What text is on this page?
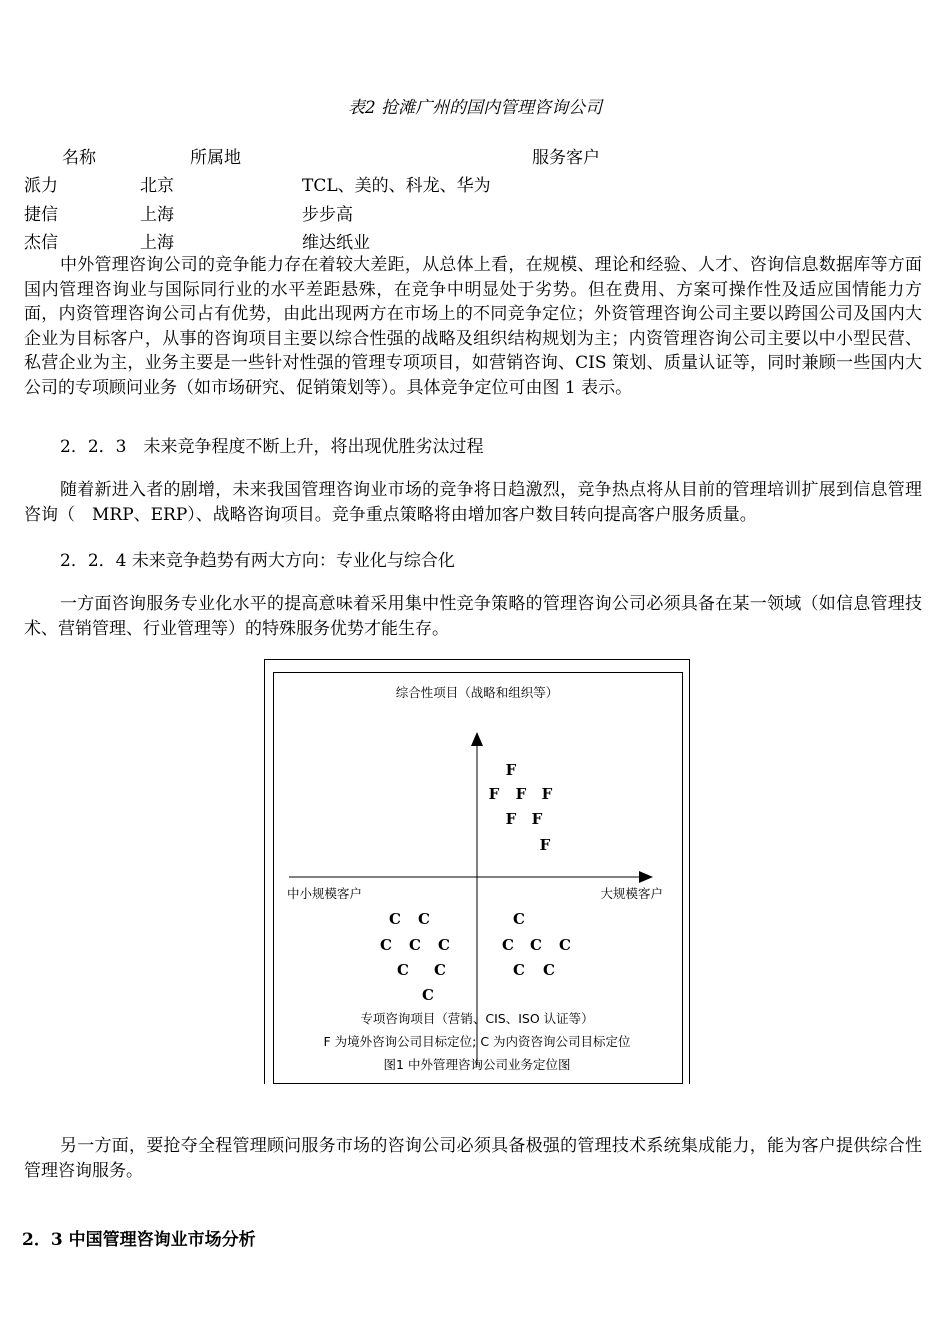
表2 抢滩广州的国内管理咨询公司
名称	所属地	服务客户
派力	北京	TCL、美的、科龙、华为
捷信	上海	步步高
杰信	上海	维达纸业
中外管理咨询公司的竞争能力存在着较大差距，从总体上看，在规模、理论和经验、人才、咨询信息数据库等方面国内管理咨询业与国际同行业的水平差距悬殊，在竞争中明显处于劣势。但在费用、方案可操作性及适应国情能力方面，内资管理咨询公司占有优势，由此出现两方在市场上的不同竞争定位；外资管理咨询公司主要以跨国公司及国内大企业为目标客户，从事的咨询项目主要以综合性强的战略及组织结构规划为主；内资管理咨询公司主要以中小型民营、私营企业为主，业务主要是一些针对性强的管理专项项目，如营销咨询、CIS 策划、质量认证等，同时兼顾一些国内大公司的专项顾问业务（如市场研究、促销策划等）。具体竞争定位可由图 1 表示。
2．2．3　未来竞争程度不断上升，将出现优胜劣汰过程
随着新进入者的剧增，未来我国管理咨询业市场的竞争将日趋激烈，竞争热点将从目前的管理培训扩展到信息管理咨询（　MRP、ERP）、战略咨询项目。竞争重点策略将由增加客户数目转向提高客户服务质量。
2．2．4 未来竞争趋势有两大方向：专业化与综合化
一方面咨询服务专业化水平的提高意味着采用集中性竞争策略的管理咨询公司必须具备在某一领域（如信息管理技术、营销管理、行业管理等）的特殊服务优势才能生存。
综合性项目（战略和组织等）
中小规模客户	大规模客户
F
F F F
F F
F
C C
C C C
C C
C
C
C C C
C C
专项咨询项目（营销、CIS、ISO 认证等）
F 为境外咨询公司目标定位; C 为内资咨询公司目标定位
图1 中外管理咨询公司业务定位图
另一方面，要抢夺全程管理顾问服务市场的咨询公司必须具备极强的管理技术系统集成能力，能为客户提供综合性管理咨询服务。
2．3 中国管理咨询业市场分析
